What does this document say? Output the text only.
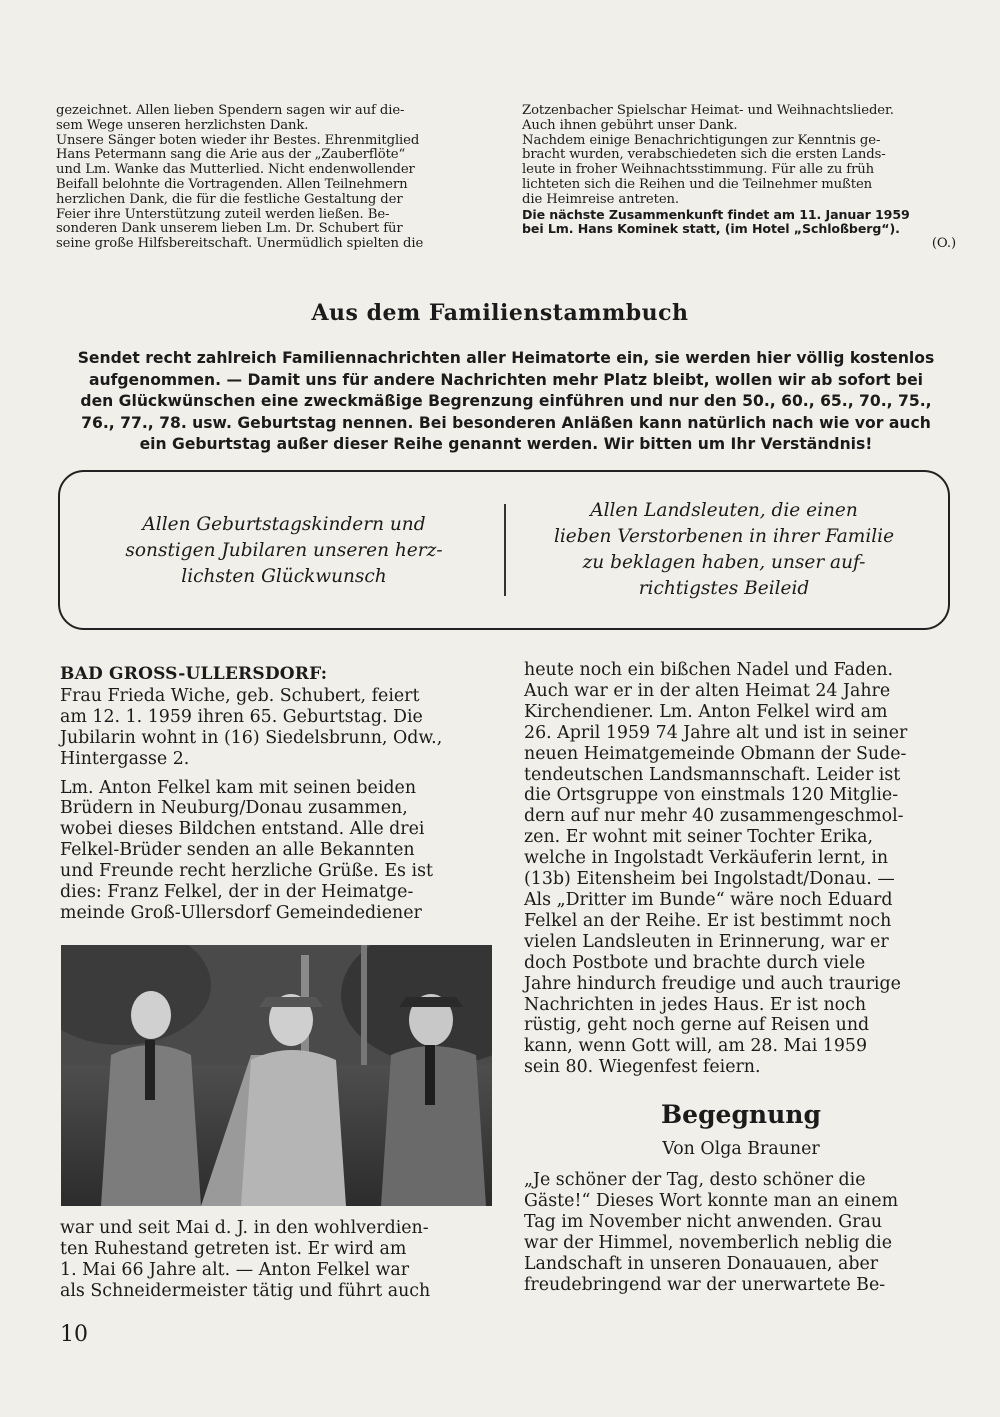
gezeichnet. Allen lieben Spendern sagen wir auf die-

sem Wege unseren herzlichsten Dank.

Unsere Sänger boten wieder ihr Bestes. Ehrenmitglied

Hans Petermann sang die Arie aus der „Zauberflöte“

und Lm. Wanke das Mutterlied. Nicht endenwollender

Beifall belohnte die Vortragenden. Allen Teilnehmern

herzlichen Dank, die für die festliche Gestaltung der

Feier ihre Unterstützung zuteil werden ließen. Be-

sonderen Dank unserem lieben Lm. Dr. Schubert für

seine große Hilfsbereitschaft. Unermüdlich spielten die

Zotzenbacher Spielschar Heimat- und Weihnachtslieder.

Auch ihnen gebührt unser Dank.

Nachdem einige Benachrichtigungen zur Kenntnis ge-

bracht wurden, verabschiedeten sich die ersten Lands-

leute in froher Weihnachtsstimmung. Für alle zu früh

lichteten sich die Reihen und die Teilnehmer mußten

die Heimreise antreten.

Die nächste Zusammenkunft findet am 11. Januar 1959

bei Lm. Hans Kominek statt, (im Hotel „Schloßberg“).

(O.)

Aus dem Familienstammbuch
Sendet recht zahlreich Familiennachrichten aller Heimatorte ein, sie werden hier völlig kostenlos
aufgenommen. — Damit uns für andere Nachrichten mehr Platz bleibt, wollen wir ab sofort bei
den Glückwünschen eine zweckmäßige Begrenzung einführen und nur den 50., 60., 65., 70., 75.,
76., 77., 78. usw. Geburtstag nennen. Bei besonderen Anläßen kann natürlich nach wie vor auch
ein Geburtstag außer dieser Reihe genannt werden. Wir bitten um Ihr Verständnis!
Allen Geburtstagskindern und
sonstigen Jubilaren unseren herz-
lichsten Glückwunsch
Allen Landsleuten, die einen
lieben Verstorbenen in ihrer Familie
zu beklagen haben, unser auf-
richtigstes Beileid
BAD GROSS-ULLERSDORF:

Frau Frieda Wiche, geb. Schubert, feiert

am 12. 1. 1959 ihren 65. Geburtstag. Die

Jubilarin wohnt in (16) Siedelsbrunn, Odw.,

Hintergasse 2.

Lm. Anton Felkel kam mit seinen beiden

Brüdern in Neuburg/Donau zusammen,

wobei dieses Bildchen entstand. Alle drei

Felkel-Brüder senden an alle Bekannten

und Freunde recht herzliche Grüße. Es ist

dies: Franz Felkel, der in der Heimatge-

meinde Groß-Ullersdorf Gemeindediener

war und seit Mai d. J. in den wohlverdien-

ten Ruhestand getreten ist. Er wird am

1. Mai 66 Jahre alt. — Anton Felkel war

als Schneidermeister tätig und führt auch

heute noch ein bißchen Nadel und Faden.

Auch war er in der alten Heimat 24 Jahre

Kirchendiener. Lm. Anton Felkel wird am

26. April 1959 74 Jahre alt und ist in seiner

neuen Heimatgemeinde Obmann der Sude-

tendeutschen Landsmannschaft. Leider ist

die Ortsgruppe von einstmals 120 Mitglie-

dern auf nur mehr 40 zusammengeschmol-

zen. Er wohnt mit seiner Tochter Erika,

welche in Ingolstadt Verkäuferin lernt, in

(13b) Eitensheim bei Ingolstadt/Donau. —

Als „Dritter im Bunde“ wäre noch Eduard

Felkel an der Reihe. Er ist bestimmt noch

vielen Landsleuten in Erinnerung, war er

doch Postbote und brachte durch viele

Jahre hindurch freudige und auch traurige

Nachrichten in jedes Haus. Er ist noch

rüstig, geht noch gerne auf Reisen und

kann, wenn Gott will, am 28. Mai 1959

sein 80. Wiegenfest feiern.

Begegnung
Von Olga Brauner

„Je schöner der Tag, desto schöner die

Gäste!“ Dieses Wort konnte man an einem

Tag im November nicht anwenden. Grau

war der Himmel, novemberlich neblig die

Landschaft in unseren Donauauen, aber

freudebringend war der unerwartete Be-

10
